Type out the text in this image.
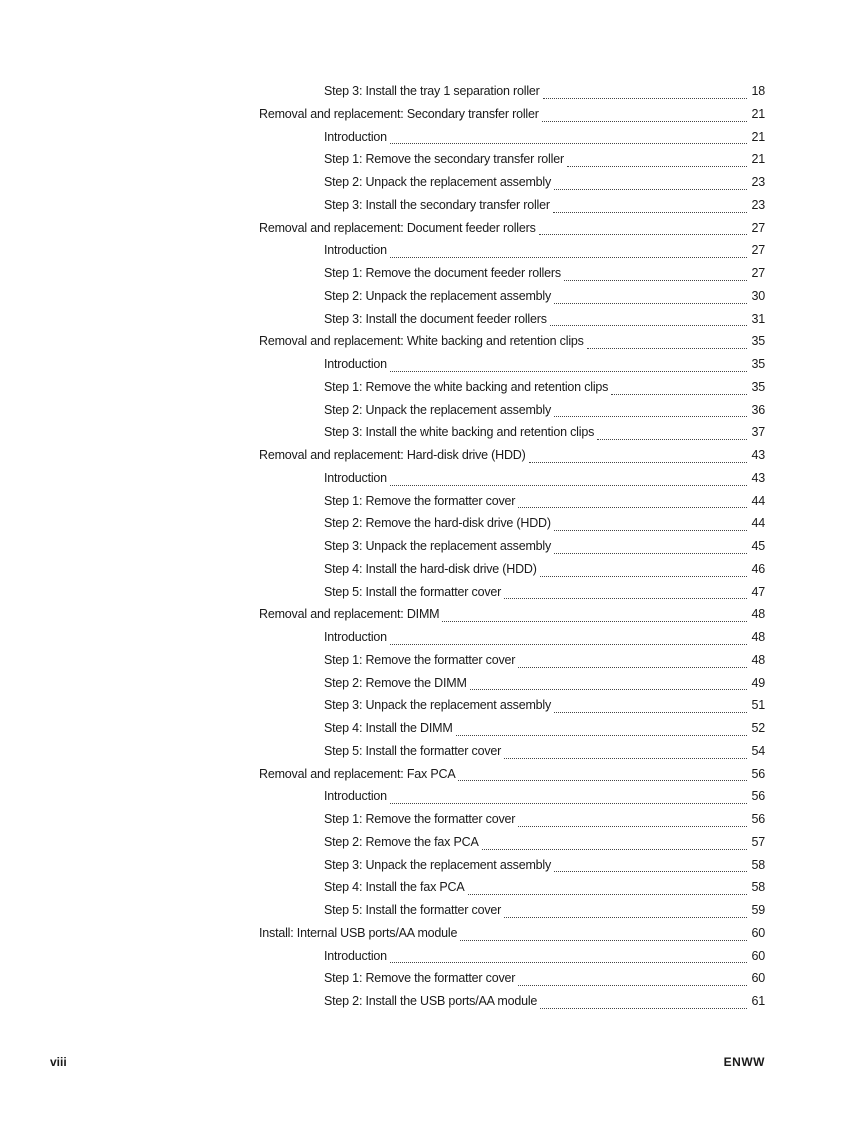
Step 3: Install the tray 1 separation roller	18
Removal and replacement: Secondary transfer roller	21
Introduction	21
Step 1: Remove the secondary transfer roller	21
Step 2: Unpack the replacement assembly	23
Step 3: Install the secondary transfer roller	23
Removal and replacement: Document feeder rollers	27
Introduction	27
Step 1: Remove the document feeder rollers	27
Step 2: Unpack the replacement assembly	30
Step 3: Install the document feeder rollers	31
Removal and replacement: White backing and retention clips	35
Introduction	35
Step 1: Remove the white backing and retention clips	35
Step 2: Unpack the replacement assembly	36
Step 3: Install the white backing and retention clips	37
Removal and replacement: Hard-disk drive (HDD)	43
Introduction	43
Step 1: Remove the formatter cover	44
Step 2: Remove the hard-disk drive (HDD)	44
Step 3: Unpack the replacement assembly	45
Step 4: Install the hard-disk drive (HDD)	46
Step 5: Install the formatter cover	47
Removal and replacement: DIMM	48
Introduction	48
Step 1: Remove the formatter cover	48
Step 2: Remove the DIMM	49
Step 3: Unpack the replacement assembly	51
Step 4: Install the DIMM	52
Step 5: Install the formatter cover	54
Removal and replacement: Fax PCA	56
Introduction	56
Step 1: Remove the formatter cover	56
Step 2: Remove the fax PCA	57
Step 3: Unpack the replacement assembly	58
Step 4: Install the fax PCA	58
Step 5: Install the formatter cover	59
Install: Internal USB ports/AA module	60
Introduction	60
Step 1: Remove the formatter cover	60
Step 2: Install the USB ports/AA module	61
viii	ENWW
